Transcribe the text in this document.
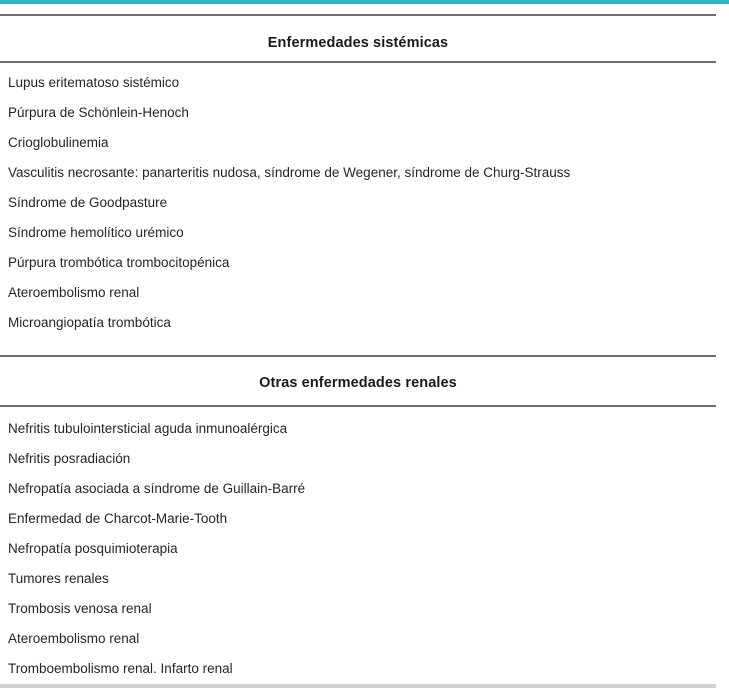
Enfermedades sistémicas
Lupus eritematoso sistémico
Púrpura de Schönlein-Henoch
Crioglobulinemia
Vasculitis necrosante: panarteritis nudosa, síndrome de Wegener, síndrome de Churg-Strauss
Síndrome de Goodpasture
Síndrome hemolítico urémico
Púrpura trombótica trombocitopénica
Ateroembolismo renal
Microangiopatía trombótica
Otras enfermedades renales
Nefritis tubulointersticial aguda inmunoalérgica
Nefritis posradiación
Nefropatía asociada a síndrome de Guillain-Barré
Enfermedad de Charcot-Marie-Tooth
Nefropatía posquimioterapia
Tumores renales
Trombosis venosa renal
Ateroembolismo renal
Tromboembolismo renal. Infarto renal
